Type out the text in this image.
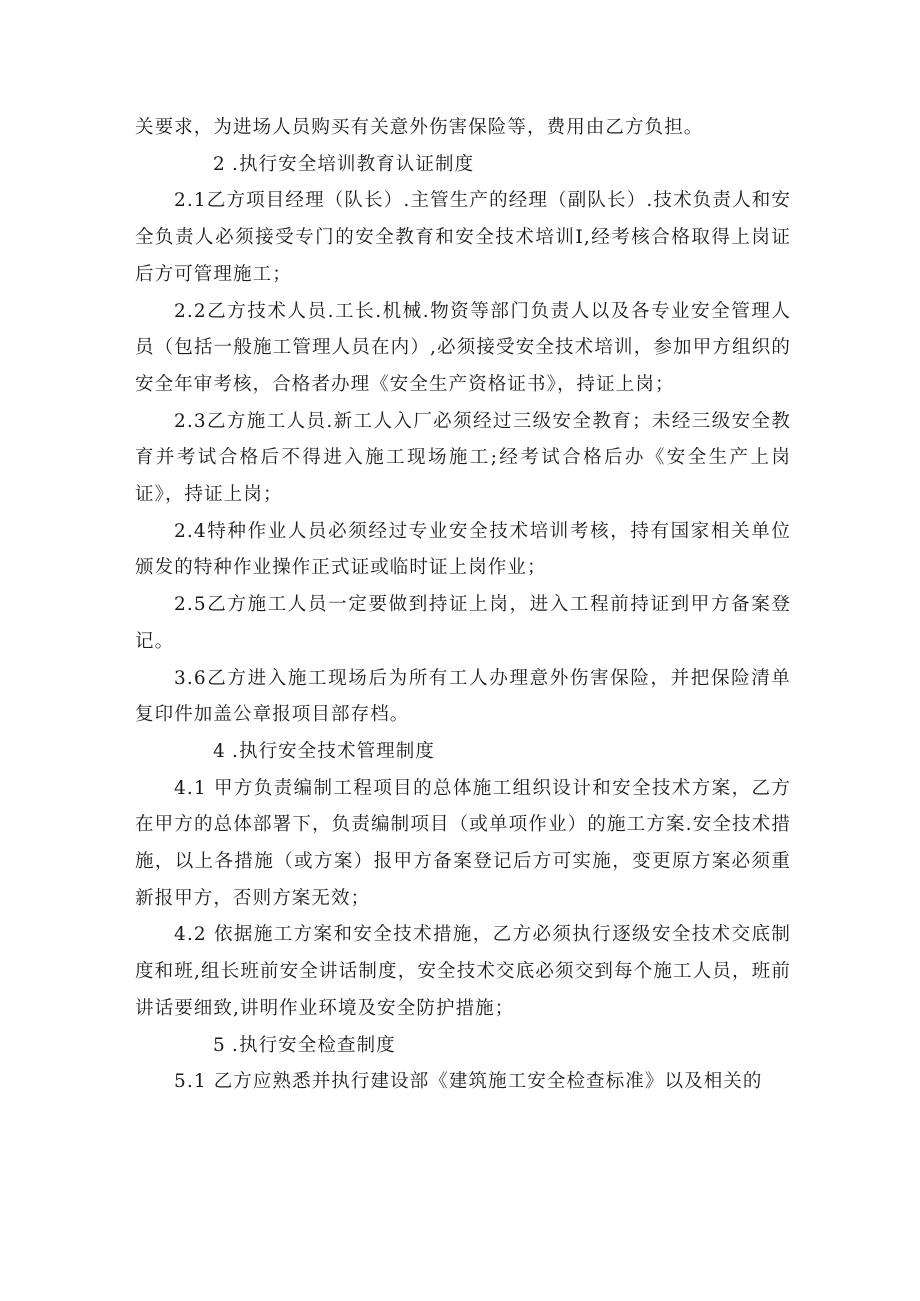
关要求，为进场人员购买有关意外伤害保险等，费用由乙方负担。

2 .执行安全培训教育认证制度

2.1乙方项目经理（队长）.主管生产的经理（副队长）.技术负责人和安全负责人必须接受专门的安全教育和安全技术培训I,经考核合格取得上岗证后方可管理施工；

2.2乙方技术人员.工长.机械.物资等部门负责人以及各专业安全管理人员（包括一般施工管理人员在内）,必须接受安全技术培训，参加甲方组织的安全年审考核，合格者办理《安全生产资格证书》，持证上岗；

2.3乙方施工人员.新工人入厂必须经过三级安全教育；未经三级安全教育并考试合格后不得进入施工现场施工;经考试合格后办《安全生产上岗证》，持证上岗；

2.4特种作业人员必须经过专业安全技术培训考核，持有国家相关单位颁发的特种作业操作正式证或临时证上岗作业；

2.5乙方施工人员一定要做到持证上岗，进入工程前持证到甲方备案登记。

3.6乙方进入施工现场后为所有工人办理意外伤害保险，并把保险清单复印件加盖公章报项目部存档。

4 .执行安全技术管理制度

4.1 甲方负责编制工程项目的总体施工组织设计和安全技术方案，乙方在甲方的总体部署下，负责编制项目（或单项作业）的施工方案.安全技术措施，以上各措施（或方案）报甲方备案登记后方可实施，变更原方案必须重新报甲方，否则方案无效；

4.2 依据施工方案和安全技术措施，乙方必须执行逐级安全技术交底制度和班,组长班前安全讲话制度，安全技术交底必须交到每个施工人员，班前讲话要细致,讲明作业环境及安全防护措施；

5 .执行安全检查制度

5.1 乙方应熟悉并执行建设部《建筑施工安全检查标准》以及相关的
